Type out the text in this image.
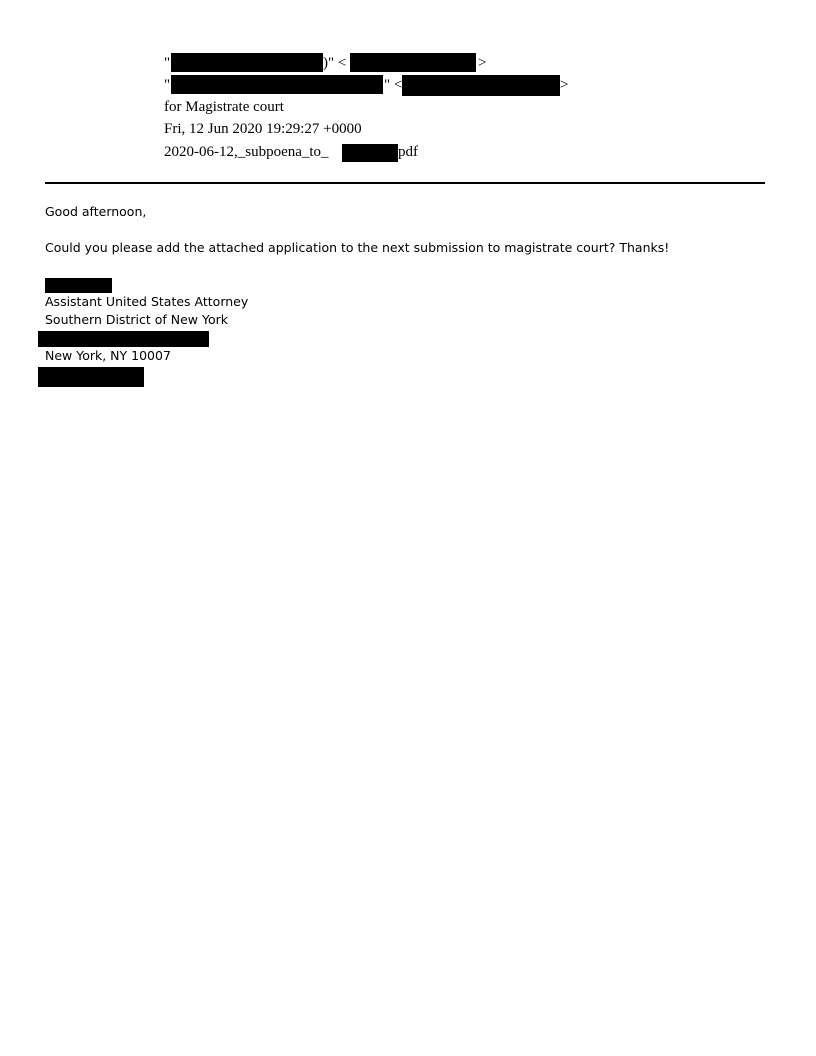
"	)" <	>
"	" <	>
for Magistrate court
Fri, 12 Jun 2020 19:29:27 +0000
2020-06-12,_subpoena_to_	pdf
Good afternoon,
Could you please add the attached application to the next submission to magistrate court? Thanks!
Assistant United States Attorney
Southern District of New York
New York, NY 10007
